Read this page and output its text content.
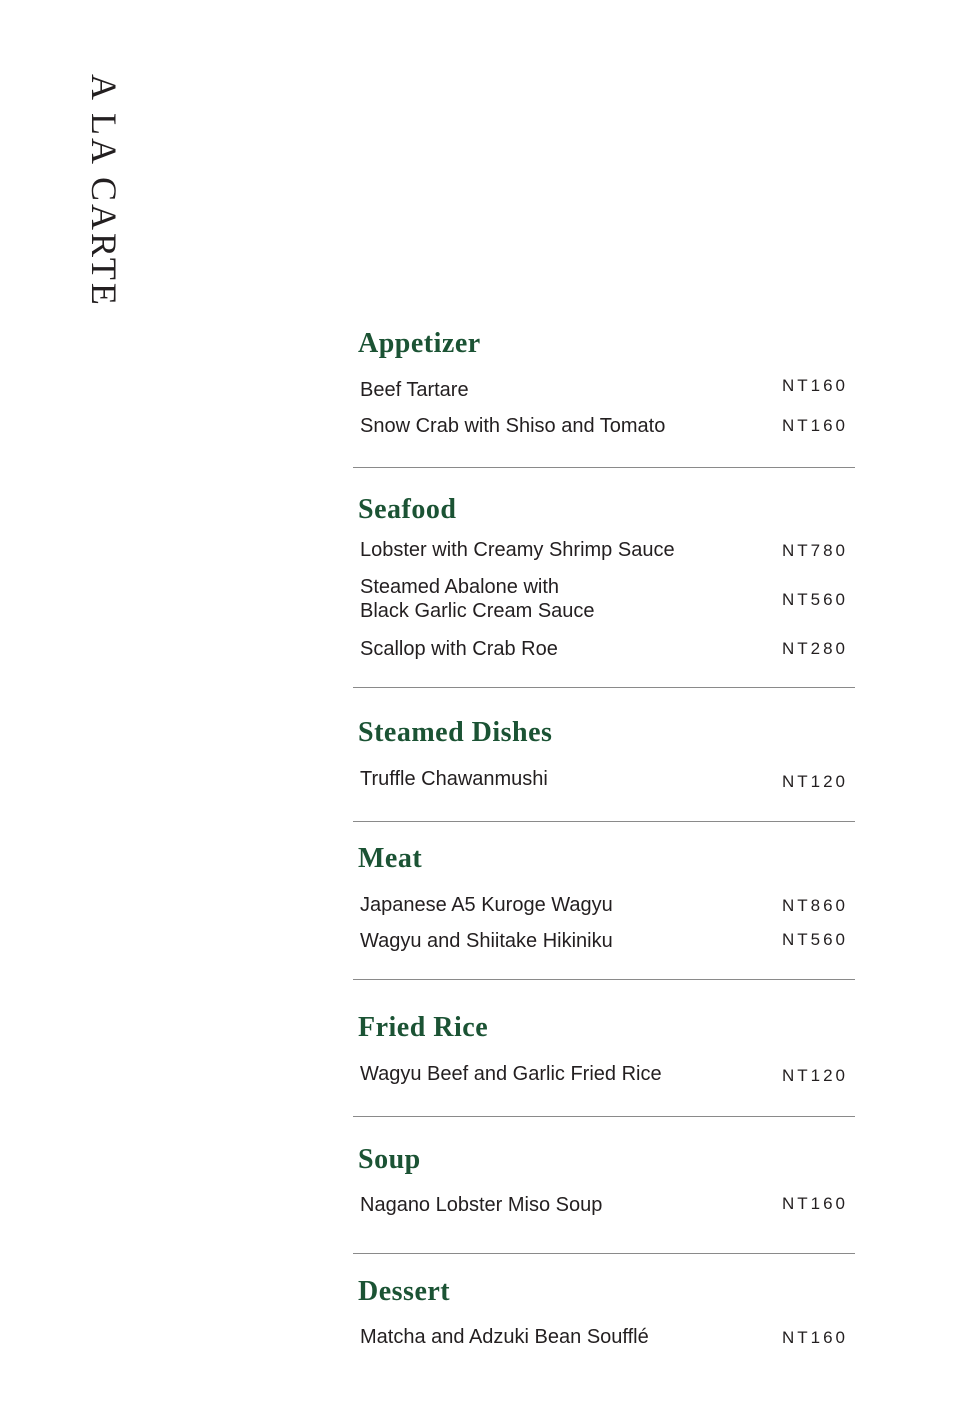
A LA CARTE
Appetizer
Beef Tartare	NT160
Snow Crab with Shiso and Tomato	NT160
Seafood
Lobster with Creamy Shrimp Sauce	NT780
Steamed Abalone with
Black Garlic Cream Sauce
NT560
Scallop with Crab Roe	NT280
Steamed Dishes
Truffle Chawanmushi	NT120
Meat
Japanese A5 Kuroge Wagyu	NT860
Wagyu and Shiitake Hikiniku	NT560
Fried Rice
Wagyu Beef and Garlic Fried Rice	NT120
Soup
Nagano Lobster Miso Soup	NT160
Dessert
Matcha and Adzuki Bean Soufflé	NT160
